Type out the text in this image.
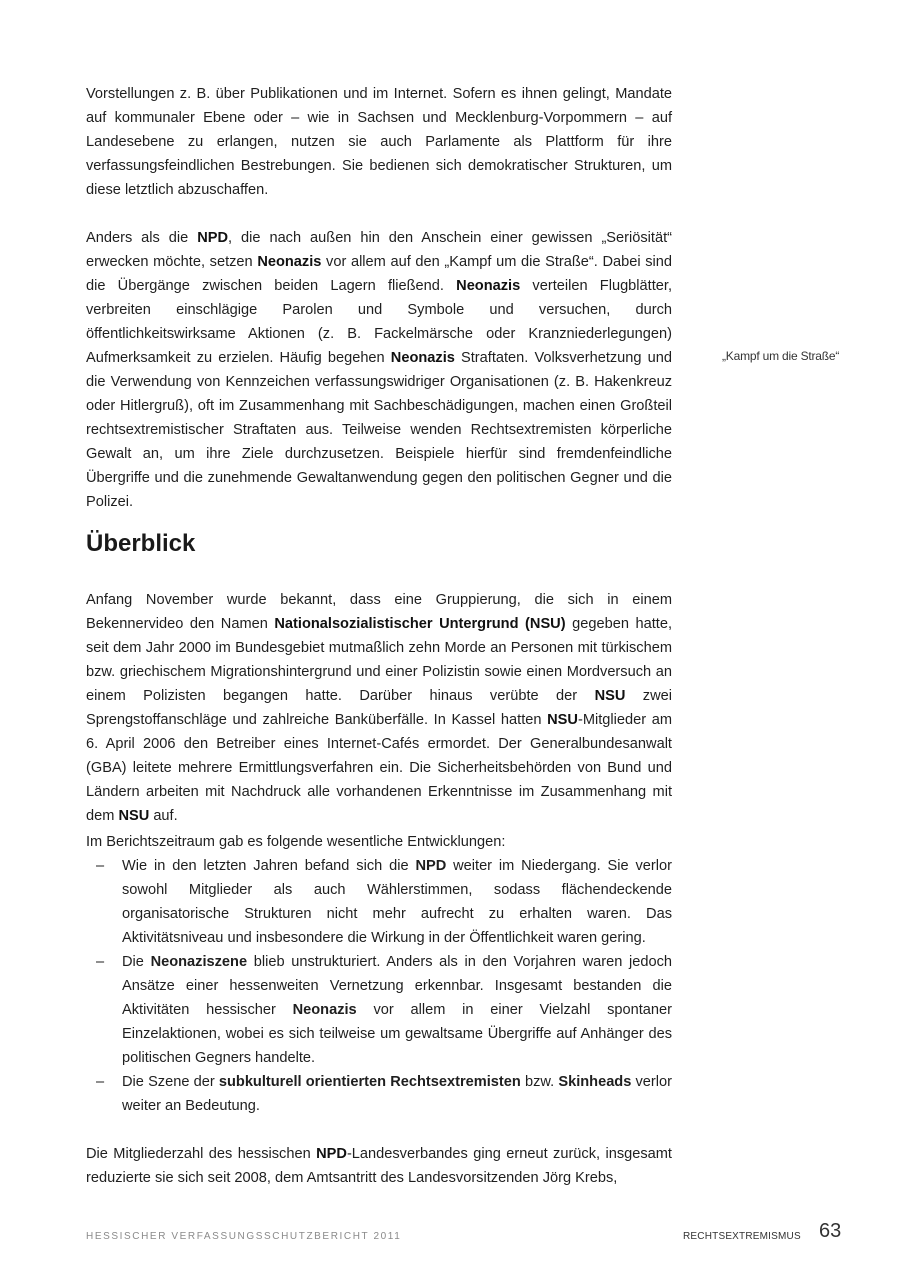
Vorstellungen z. B. über Publikationen und im Internet. Sofern es ihnen gelingt, Mandate auf kommunaler Ebene oder – wie in Sachsen und Mecklenburg-Vorpommern – auf Landesebene zu erlangen, nutzen sie auch Parlamente als Plattform für ihre verfassungsfeindlichen Bestrebungen. Sie bedienen sich demokratischer Strukturen, um diese letztlich abzuschaffen.

Anders als die NPD, die nach außen hin den Anschein einer gewissen „Seriösität“ erwecken möchte, setzen Neonazis vor allem auf den „Kampf um die Straße“. Dabei sind die Übergänge zwischen beiden Lagern fließend. Neonazis verteilen Flugblätter, verbreiten einschlägige Parolen und Symbole und versuchen, durch öffentlichkeitswirksame Aktionen (z. B. Fackelmärsche oder Kranzniederlegungen) Aufmerksamkeit zu erzielen. Häufig begehen Neonazis Straftaten. Volksverhetzung und die Verwendung von Kennzeichen verfassungswidriger Organisationen (z. B. Hakenkreuz oder Hitlergruß), oft im Zusammenhang mit Sachbeschädigungen, machen einen Großteil rechtsextremistischer Straftaten aus. Teilweise wenden Rechtsextremisten körperliche Gewalt an, um ihre Ziele durchzusetzen. Beispiele hierfür sind fremdenfeindliche Übergriffe und die zunehmende Gewaltanwendung gegen den politischen Gegner und die Polizei.

„Kampf um die Straße“
Überblick

Anfang November wurde bekannt, dass eine Gruppierung, die sich in einem Bekennervideo den Namen Nationalsozialistischer Untergrund (NSU) gegeben hatte, seit dem Jahr 2000 im Bundesgebiet mutmaßlich zehn Morde an Personen mit türkischem bzw. griechischem Migrationshintergrund und einer Polizistin sowie einen Mordversuch an einem Polizisten begangen hatte. Darüber hinaus verübte der NSU zwei Sprengstoffanschläge und zahlreiche Banküberfälle. In Kassel hatten NSU-Mitglieder am 6. April 2006 den Betreiber eines Internet-Cafés ermordet. Der Generalbundesanwalt (GBA) leitete mehrere Ermittlungsverfahren ein. Die Sicherheitsbehörden von Bund und Ländern arbeiten mit Nachdruck alle vorhandenen Erkenntnisse im Zusammenhang mit dem NSU auf.

Im Berichtszeitraum gab es folgende wesentliche Entwicklungen:

– Wie in den letzten Jahren befand sich die NPD weiter im Niedergang. Sie verlor sowohl Mitglieder als auch Wählerstimmen, sodass flächendeckende organisatorische Strukturen nicht mehr aufrecht zu erhalten waren. Das Aktivitätsniveau und insbesondere die Wirkung in der Öffentlichkeit waren gering.
– Die Neonaziszene blieb unstrukturiert. Anders als in den Vorjahren waren jedoch Ansätze einer hessenweiten Vernetzung erkennbar. Insgesamt bestanden die Aktivitäten hessischer Neonazis vor allem in einer Vielzahl spontaner Einzelaktionen, wobei es sich teilweise um gewaltsame Übergriffe auf Anhänger des politischen Gegners handelte.
– Die Szene der subkulturell orientierten Rechtsextremisten bzw. Skinheads verlor weiter an Bedeutung.

Die Mitgliederzahl des hessischen NPD-Landesverbandes ging erneut zurück, insgesamt reduzierte sie sich seit 2008, dem Amtsantritt des Landesvorsitzenden Jörg Krebs,

HESSISCHER VERFASSUNGSSCHUTZBERICHT 2011	RECHTSEXTREMISMUS 63
